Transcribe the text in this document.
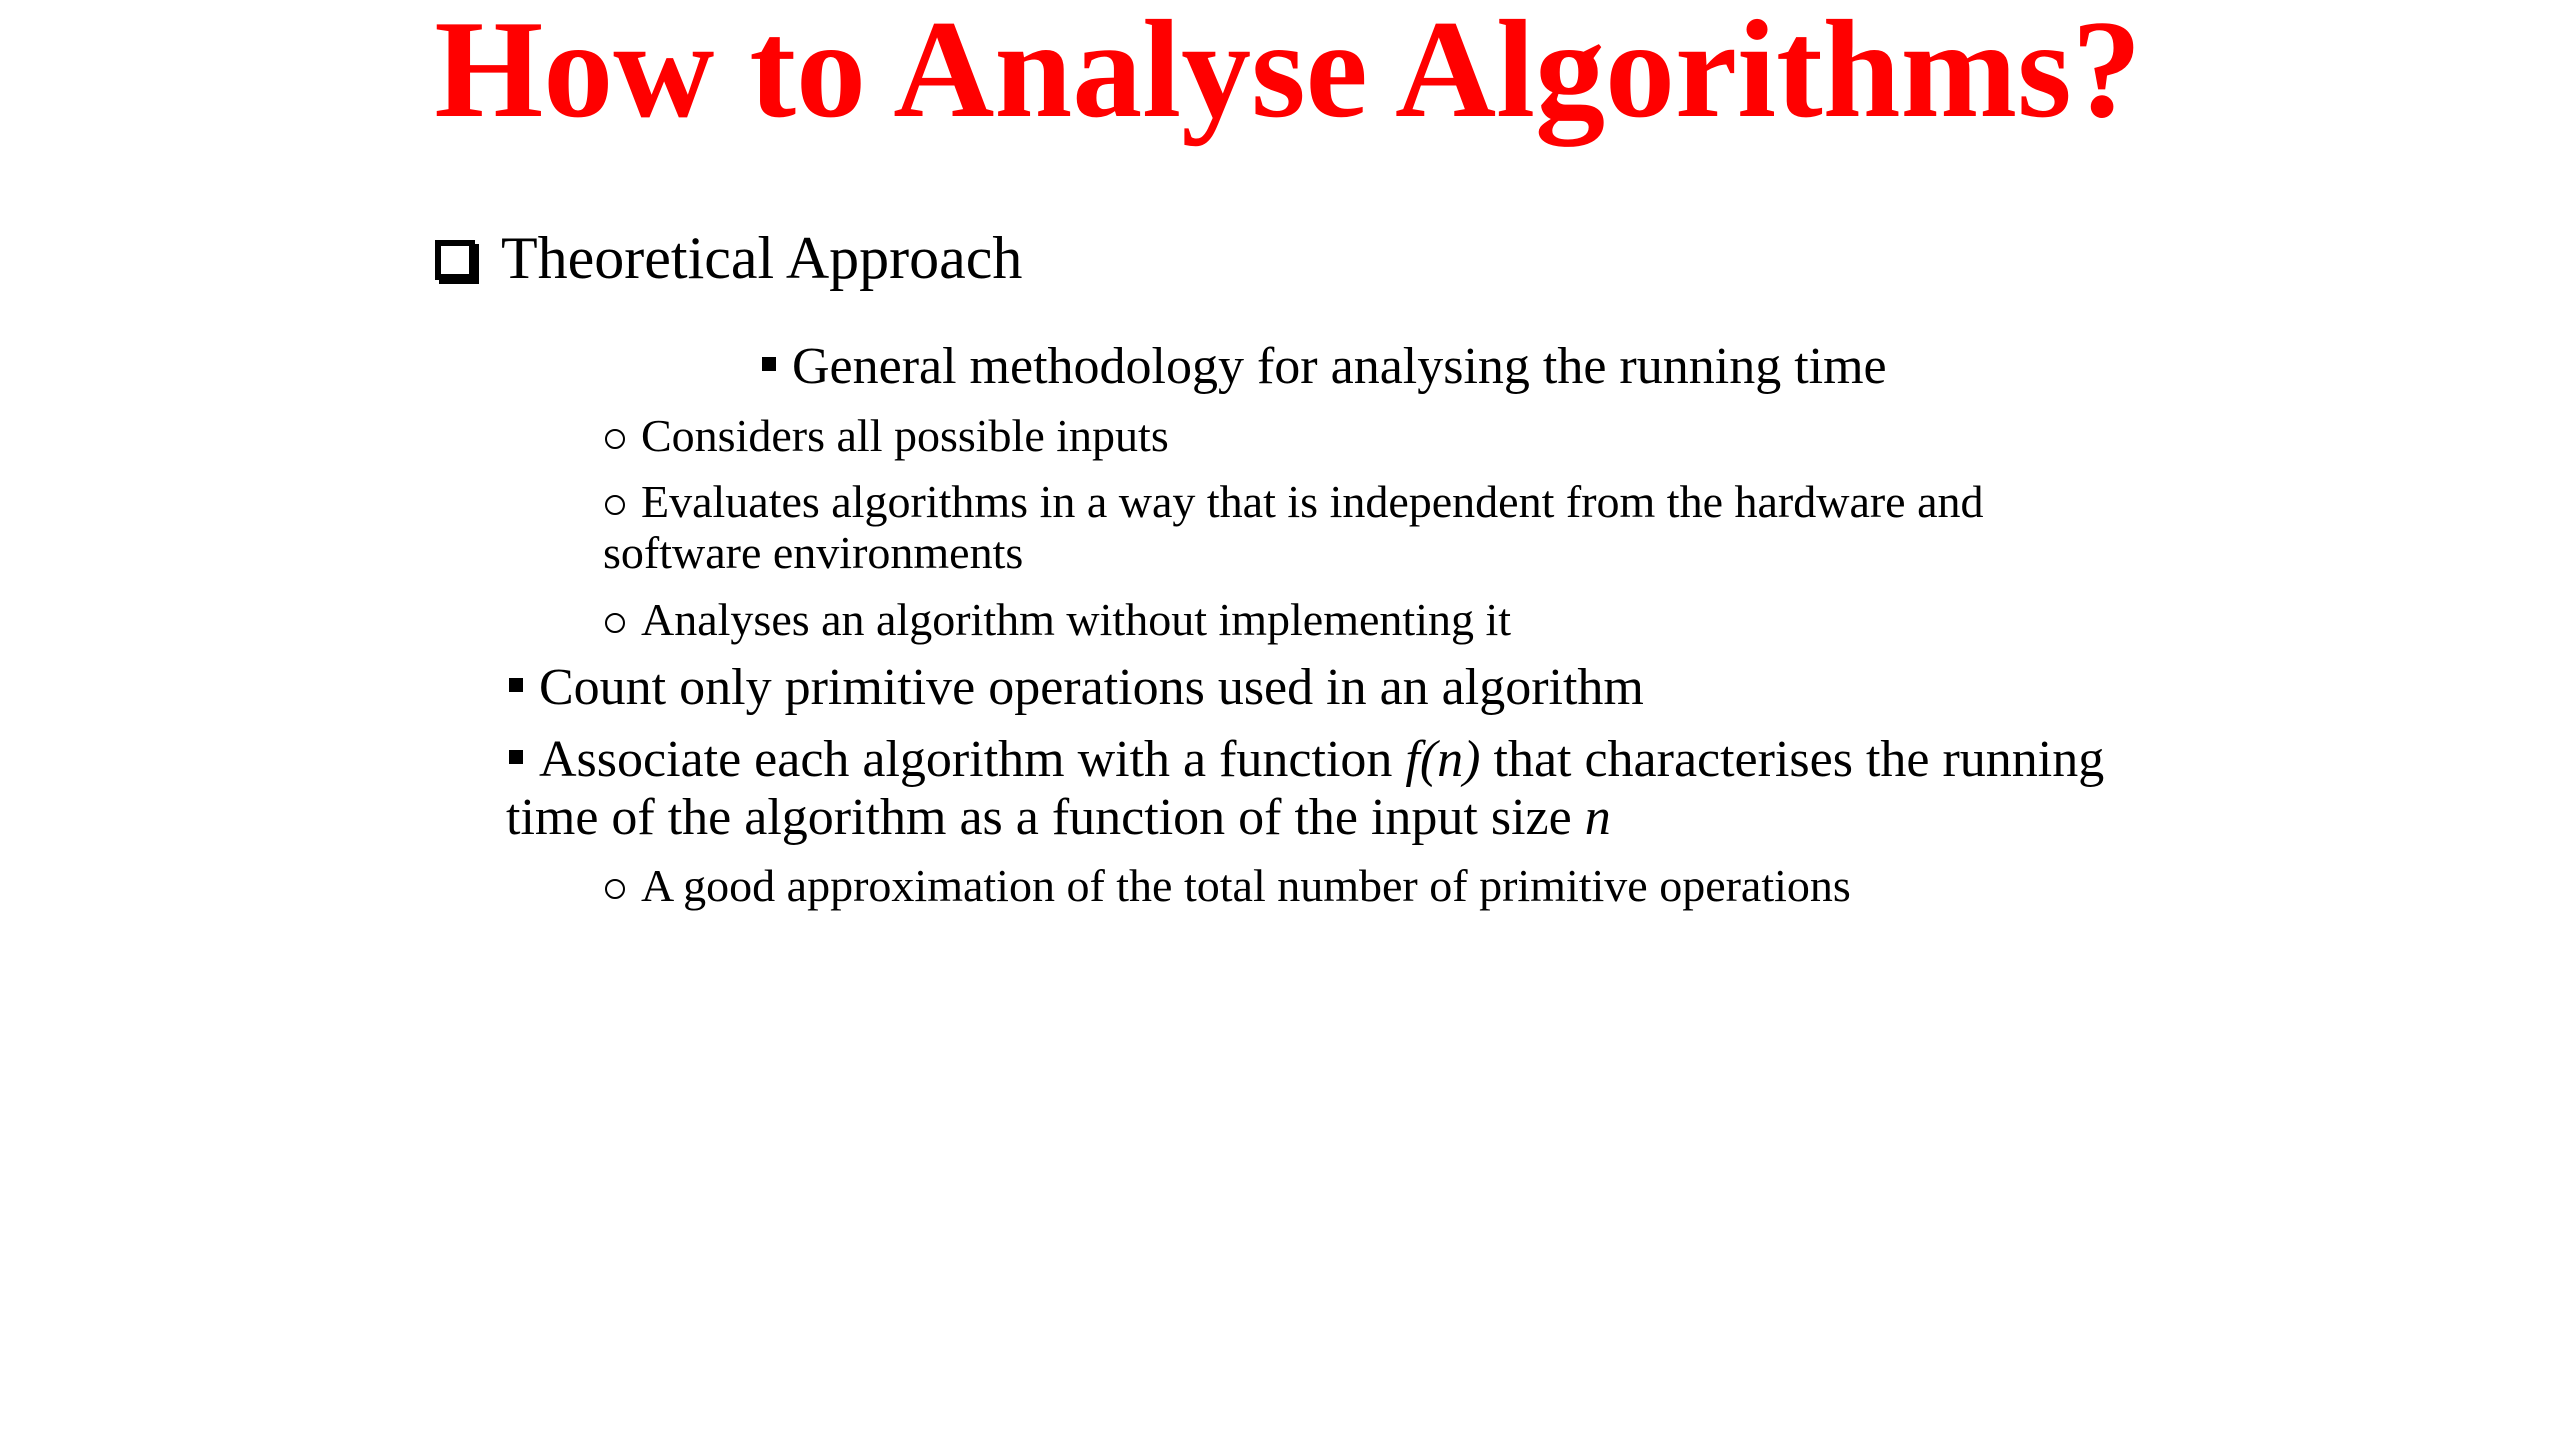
How to Analyse Algorithms?
Theoretical Approach
General methodology for analysing the running time
Considers all possible inputs
Evaluates algorithms in a way that is independent from the hardware and
software environments
Analyses an algorithm without implementing it
Count only primitive operations used in an algorithm
Associate each algorithm with a function f(n) that characterises the running
time of the algorithm as a function of the input size n
A good approximation of the total number of primitive operations
